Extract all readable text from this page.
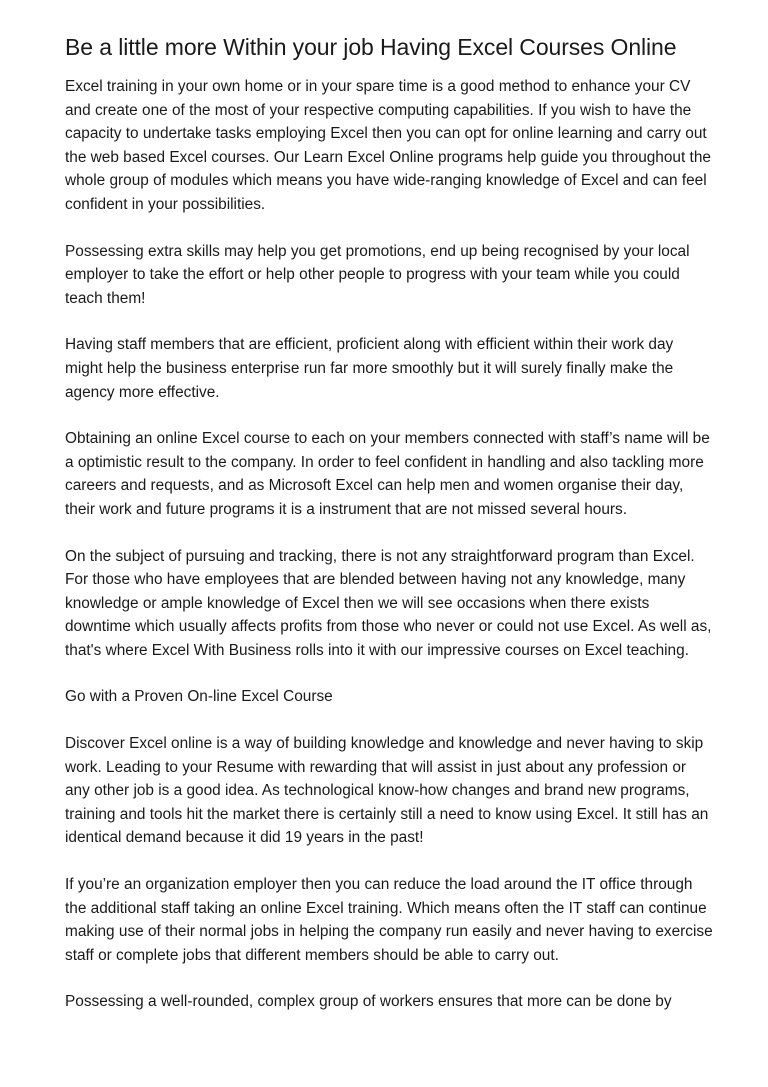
Be a little more Within your job Having Excel Courses Online

Excel training in your own home or in your spare time is a good method to enhance your CV and create one of the most of your respective computing capabilities. If you wish to have the capacity to undertake tasks employing Excel then you can opt for online learning and carry out the web based Excel courses. Our Learn Excel Online programs help guide you throughout the whole group of modules which means you have wide-ranging knowledge of Excel and can feel confident in your possibilities.

Possessing extra skills may help you get promotions, end up being recognised by your local employer to take the effort or help other people to progress with your team while you could teach them!

Having staff members that are efficient, proficient along with efficient within their work day might help the business enterprise run far more smoothly but it will surely finally make the agency more effective.

Obtaining an online Excel course to each on your members connected with staff’s name will be a optimistic result to the company. In order to feel confident in handling and also tackling more careers and requests, and as Microsoft Excel can help men and women organise their day, their work and future programs it is a instrument that are not missed several hours.

On the subject of pursuing and tracking, there is not any straightforward program than Excel. For those who have employees that are blended between having not any knowledge, many knowledge or ample knowledge of Excel then we will see occasions when there exists downtime which usually affects profits from those who never or could not use Excel. As well as, that's where Excel With Business rolls into it with our impressive courses on Excel teaching.

Go with a Proven On-line Excel Course

Discover Excel online is a way of building knowledge and knowledge and never having to skip work. Leading to your Resume with rewarding that will assist in just about any profession or any other job is a good idea. As technological know-how changes and brand new programs, training and tools hit the market there is certainly still a need to know using Excel. It still has an identical demand because it did 19 years in the past!

If you’re an organization employer then you can reduce the load around the IT office through the additional staff taking an online Excel training. Which means often the IT staff can continue making use of their normal jobs in helping the company run easily and never having to exercise staff or complete jobs that different members should be able to carry out.

Possessing a well-rounded, complex group of workers ensures that more can be done by
